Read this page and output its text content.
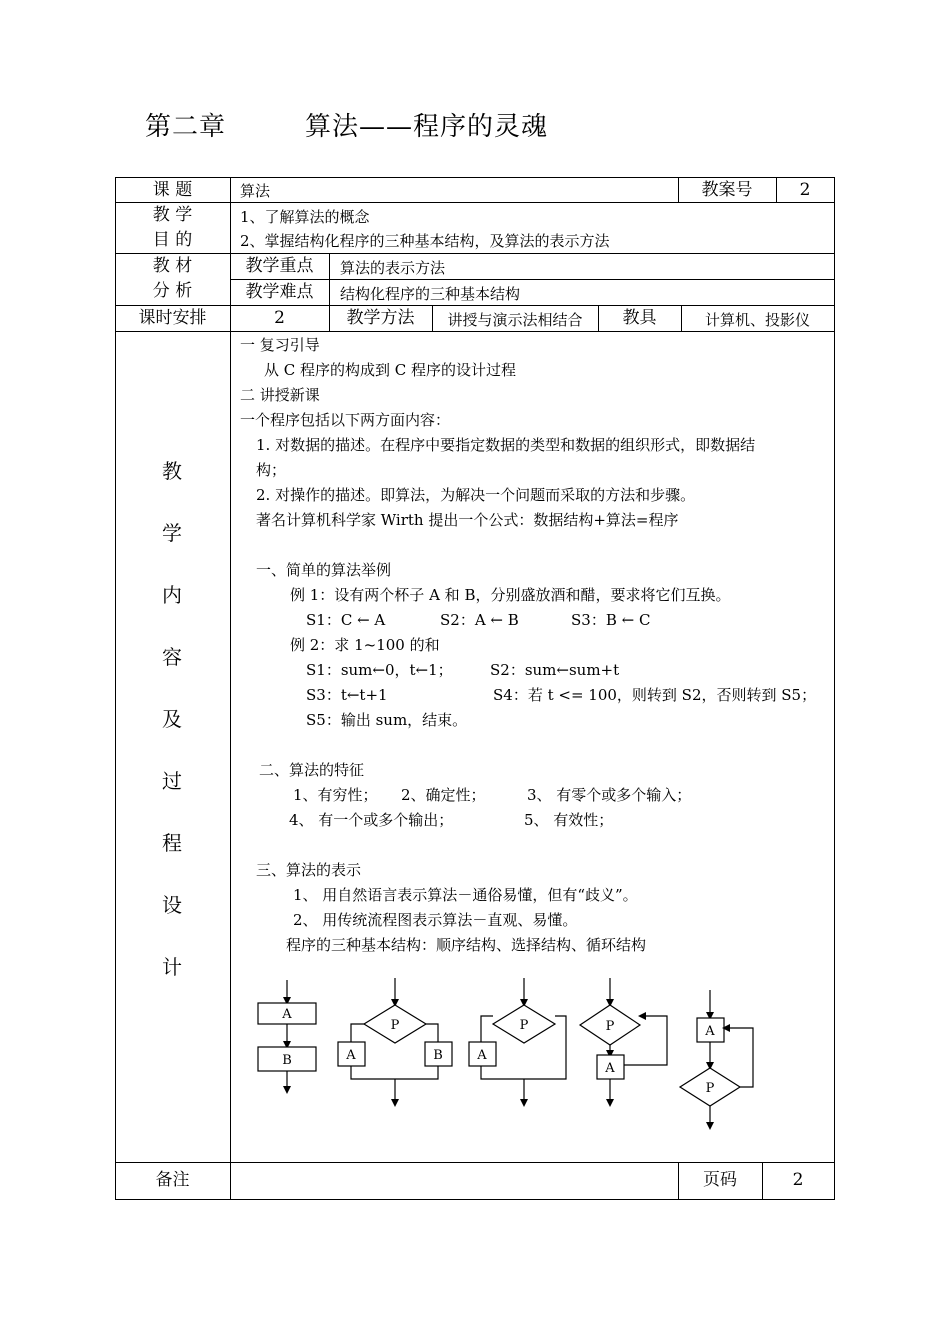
第二章	算法——程序的灵魂
课 题	算法	教案号	2
教 学
目 的
1、了解算法的概念
2、掌握结构化程序的三种基本结构，及算法的表示方法
教 材
分 析
教学重点	算法的表示方法
教学难点	结构化程序的三种基本结构
课时安排	2	教学方法	讲授与演示法相结合	教具	计算机、投影仪
教
学
内
容
及
过
程
设
计
一 复习引导
从 C 程序的构成到 C 程序的设计过程
二 讲授新课
一个程序包括以下两方面内容：
1. 对数据的描述。在程序中要指定数据的类型和数据的组织形式，即数据结
构；
2. 对操作的描述。即算法，为解决一个问题而采取的方法和步骤。
著名计算机科学家 Wirth 提出一个公式：数据结构+算法=程序
一、简单的算法举例
例 1：设有两个杯子 A 和 B，分别盛放酒和醋，要求将它们互换。
S1：C ← A	S2：A ← B	S3：B ← C
例 2：求 1~100 的和
S1：sum←0，t←1； S2：sum←sum+t
S3：t←t+1	S4：若 t <= 100，则转到 S2，否则转到 S5；
S5：输出 sum，结束。
二、算法的特征
1、有穷性； 2、确定性；	3、 有零个或多个输入；
4、 有一个或多个输出；	5、 有效性；
三、算法的表示
1、 用自然语言表示算法－通俗易懂，但有“歧义”。
2、 用传统流程图表示算法－直观、易懂。
程序的三种基本结构：顺序结构、选择结构、循环结构
A
B
P
A	B
P
A
P
A
A
P
备注	页码	2
